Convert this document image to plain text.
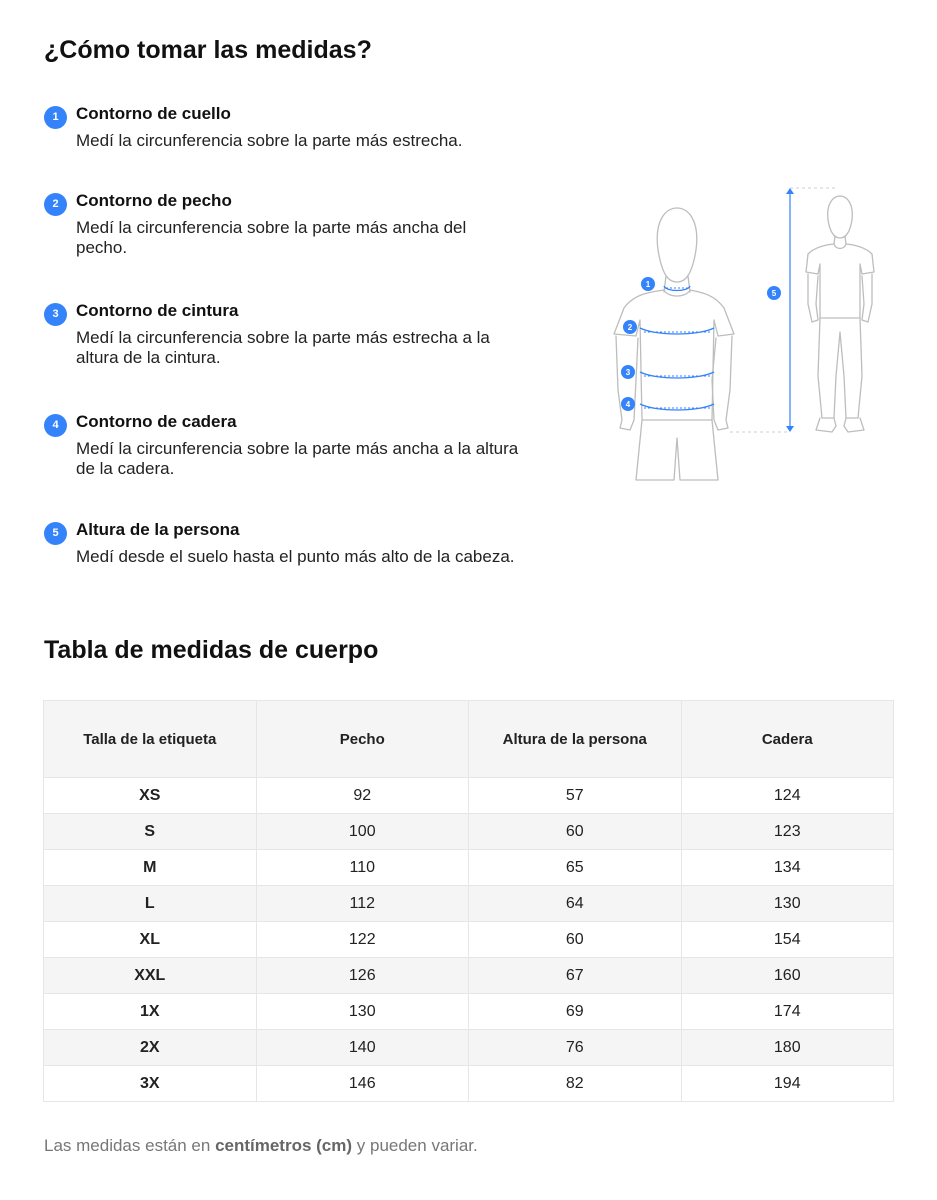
¿Cómo tomar las medidas?
1	Contorno de cuello
Medí la circunferencia sobre la parte más estrecha.
2	Contorno de pecho
Medí la circunferencia sobre la parte más ancha del pecho.
3	Contorno de cintura
Medí la circunferencia sobre la parte más estrecha a la altura de la cintura.
4	Contorno de cadera
Medí la circunferencia sobre la parte más ancha a la altura de la cadera.
5	Altura de la persona
Medí desde el suelo hasta el punto más alto de la cabeza.
1
2
3
4
5
Tabla de medidas de cuerpo
Talla de la etiqueta	Pecho	Altura de la persona	Cadera
XS	92	57	124
S	100	60	123
M	110	65	134
L	112	64	130
XL	122	60	154
XXL	126	67	160
1X	130	69	174
2X	140	76	180
3X	146	82	194
Las medidas están en centímetros (cm) y pueden variar.
